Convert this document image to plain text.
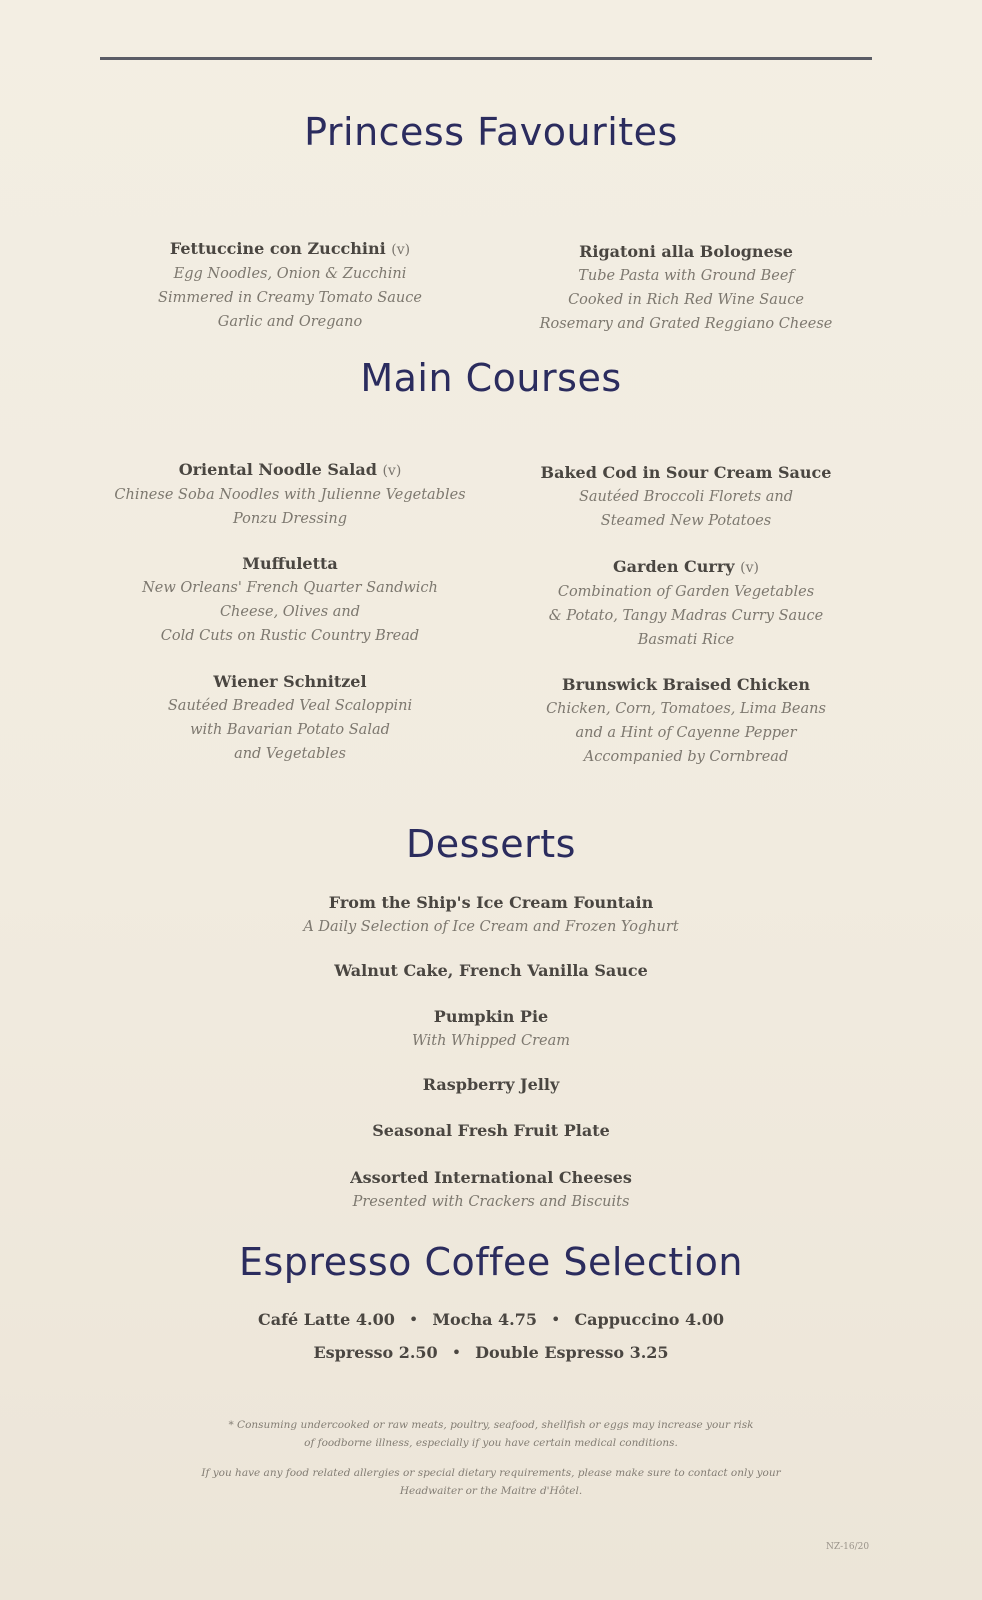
Princess Favourites
Fettuccine con Zucchini (v)
Egg Noodles, Onion & Zucchini
Simmered in Creamy Tomato Sauce
Garlic and Oregano
Rigatoni alla Bolognese
Tube Pasta with Ground Beef
Cooked in Rich Red Wine Sauce
Rosemary and Grated Reggiano Cheese
Main Courses
Oriental Noodle Salad (v)
Chinese Soba Noodles with Julienne Vegetables
Ponzu Dressing
Muffuletta
New Orleans' French Quarter Sandwich
Cheese, Olives and
Cold Cuts on Rustic Country Bread
Wiener Schnitzel
Sautéed Breaded Veal Scaloppini
with Bavarian Potato Salad
and Vegetables
Baked Cod in Sour Cream Sauce
Sautéed Broccoli Florets and
Steamed New Potatoes
Garden Curry (v)
Combination of Garden Vegetables
& Potato, Tangy Madras Curry Sauce
Basmati Rice
Brunswick Braised Chicken
Chicken, Corn, Tomatoes, Lima Beans
and a Hint of Cayenne Pepper
Accompanied by Cornbread
Desserts
From the Ship's Ice Cream Fountain
A Daily Selection of Ice Cream and Frozen Yoghurt
Walnut Cake, French Vanilla Sauce
Pumpkin Pie
With Whipped Cream
Raspberry Jelly
Seasonal Fresh Fruit Plate
Assorted International Cheeses
Presented with Crackers and Biscuits
Espresso Coffee Selection
Café Latte 4.00 • Mocha 4.75 • Cappuccino 4.00
Espresso 2.50 • Double Espresso 3.25
* Consuming undercooked or raw meats, poultry, seafood, shellfish or eggs may increase your risk
of foodborne illness, especially if you have certain medical conditions.
If you have any food related allergies or special dietary requirements, please make sure to contact only your
Headwaiter or the Maitre d'Hôtel.
NZ-16/20
